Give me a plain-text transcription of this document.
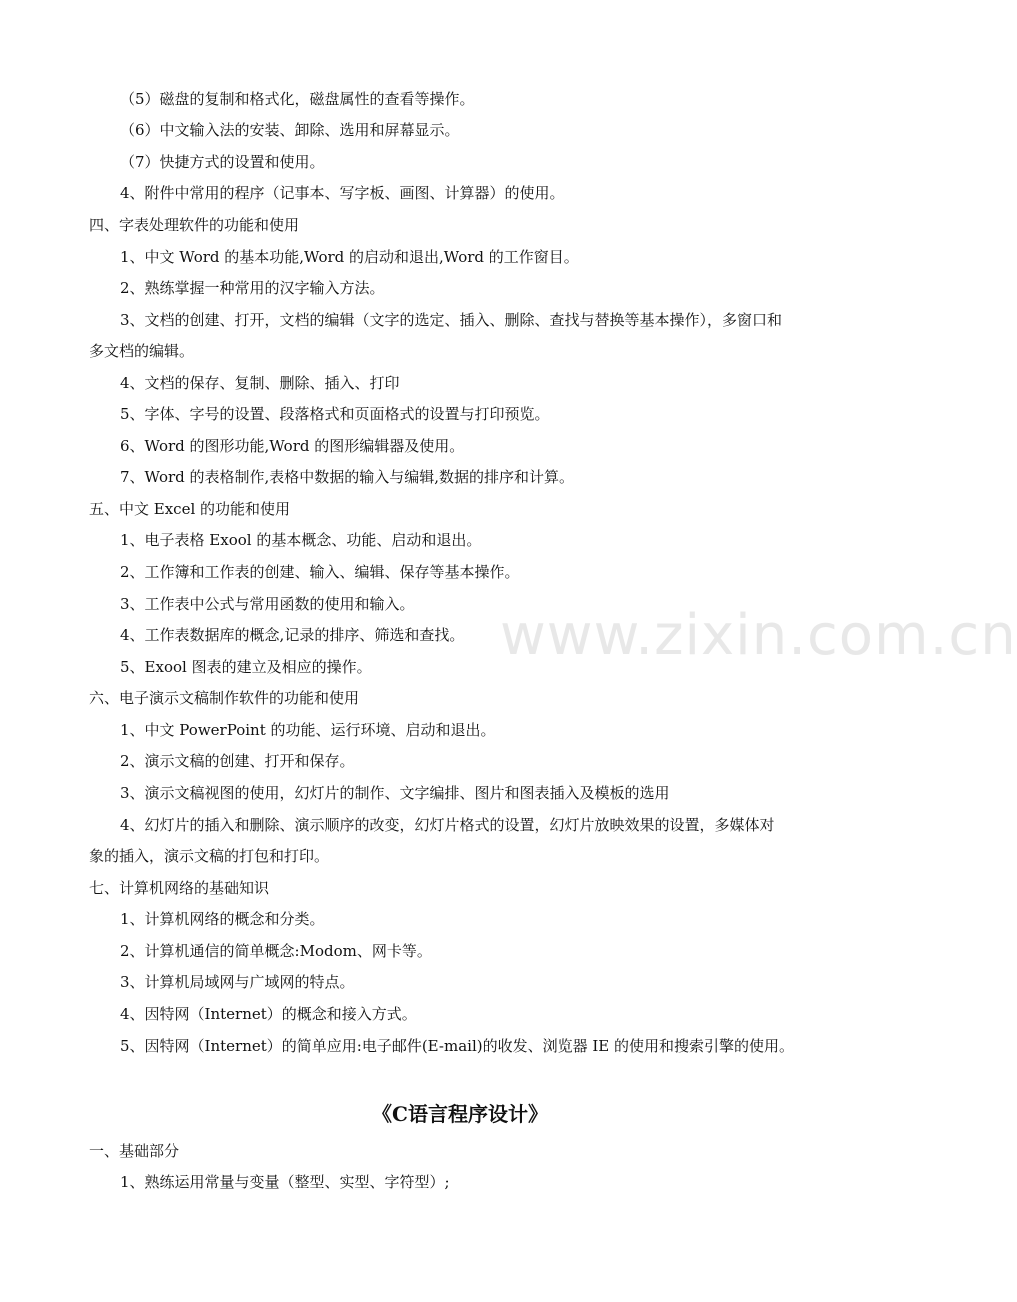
www.zixin.com.cn
（5）磁盘的复制和格式化，磁盘属性的查看等操作。
（6）中文输入法的安装、卸除、选用和屏幕显示。
（7）快捷方式的设置和使用。
4、附件中常用的程序（记事本、写字板、画图、计算器）的使用。
四、字表处理软件的功能和使用
1、中文 Word 的基本功能,Word 的启动和退出,Word 的工作窗目。
2、熟练掌握一种常用的汉字输入方法。
3、文档的创建、打开，文档的编辑（文字的选定、插入、删除、查找与替换等基本操作），多窗口和
多文档的编辑。
4、文档的保存、复制、删除、插入、打印
5、字体、字号的设置、段落格式和页面格式的设置与打印预览。
6、Word 的图形功能,Word 的图形编辑器及使用。
7、Word 的表格制作,表格中数据的输入与编辑,数据的排序和计算。
五、中文 Excel 的功能和使用
1、电子表格 Exool 的基本概念、功能、启动和退出。
2、工作簿和工作表的创建、输入、编辑、保存等基本操作。
3、工作表中公式与常用函数的使用和输入。
4、工作表数据库的概念,记录的排序、筛选和查找。
5、Exool 图表的建立及相应的操作。
六、电子演示文稿制作软件的功能和使用
1、中文 PowerPoint 的功能、运行环境、启动和退出。
2、演示文稿的创建、打开和保存。
3、演示文稿视图的使用，幻灯片的制作、文字编排、图片和图表插入及模板的选用
4、幻灯片的插入和删除、演示顺序的改变，幻灯片格式的设置，幻灯片放映效果的设置，多媒体对
象的插入，演示文稿的打包和打印。
七、计算机网络的基础知识
1、计算机网络的概念和分类。
2、计算机通信的简单概念:Modom、网卡等。
3、计算机局域网与广域网的特点。
4、因特网（Internet）的概念和接入方式。
5、因特网（Internet）的简单应用:电子邮件(E-mail)的收发、浏览器 IE 的使用和搜索引擎的使用。
《C语言程序设计》
一、基础部分
1、熟练运用常量与变量（整型、实型、字符型）;
